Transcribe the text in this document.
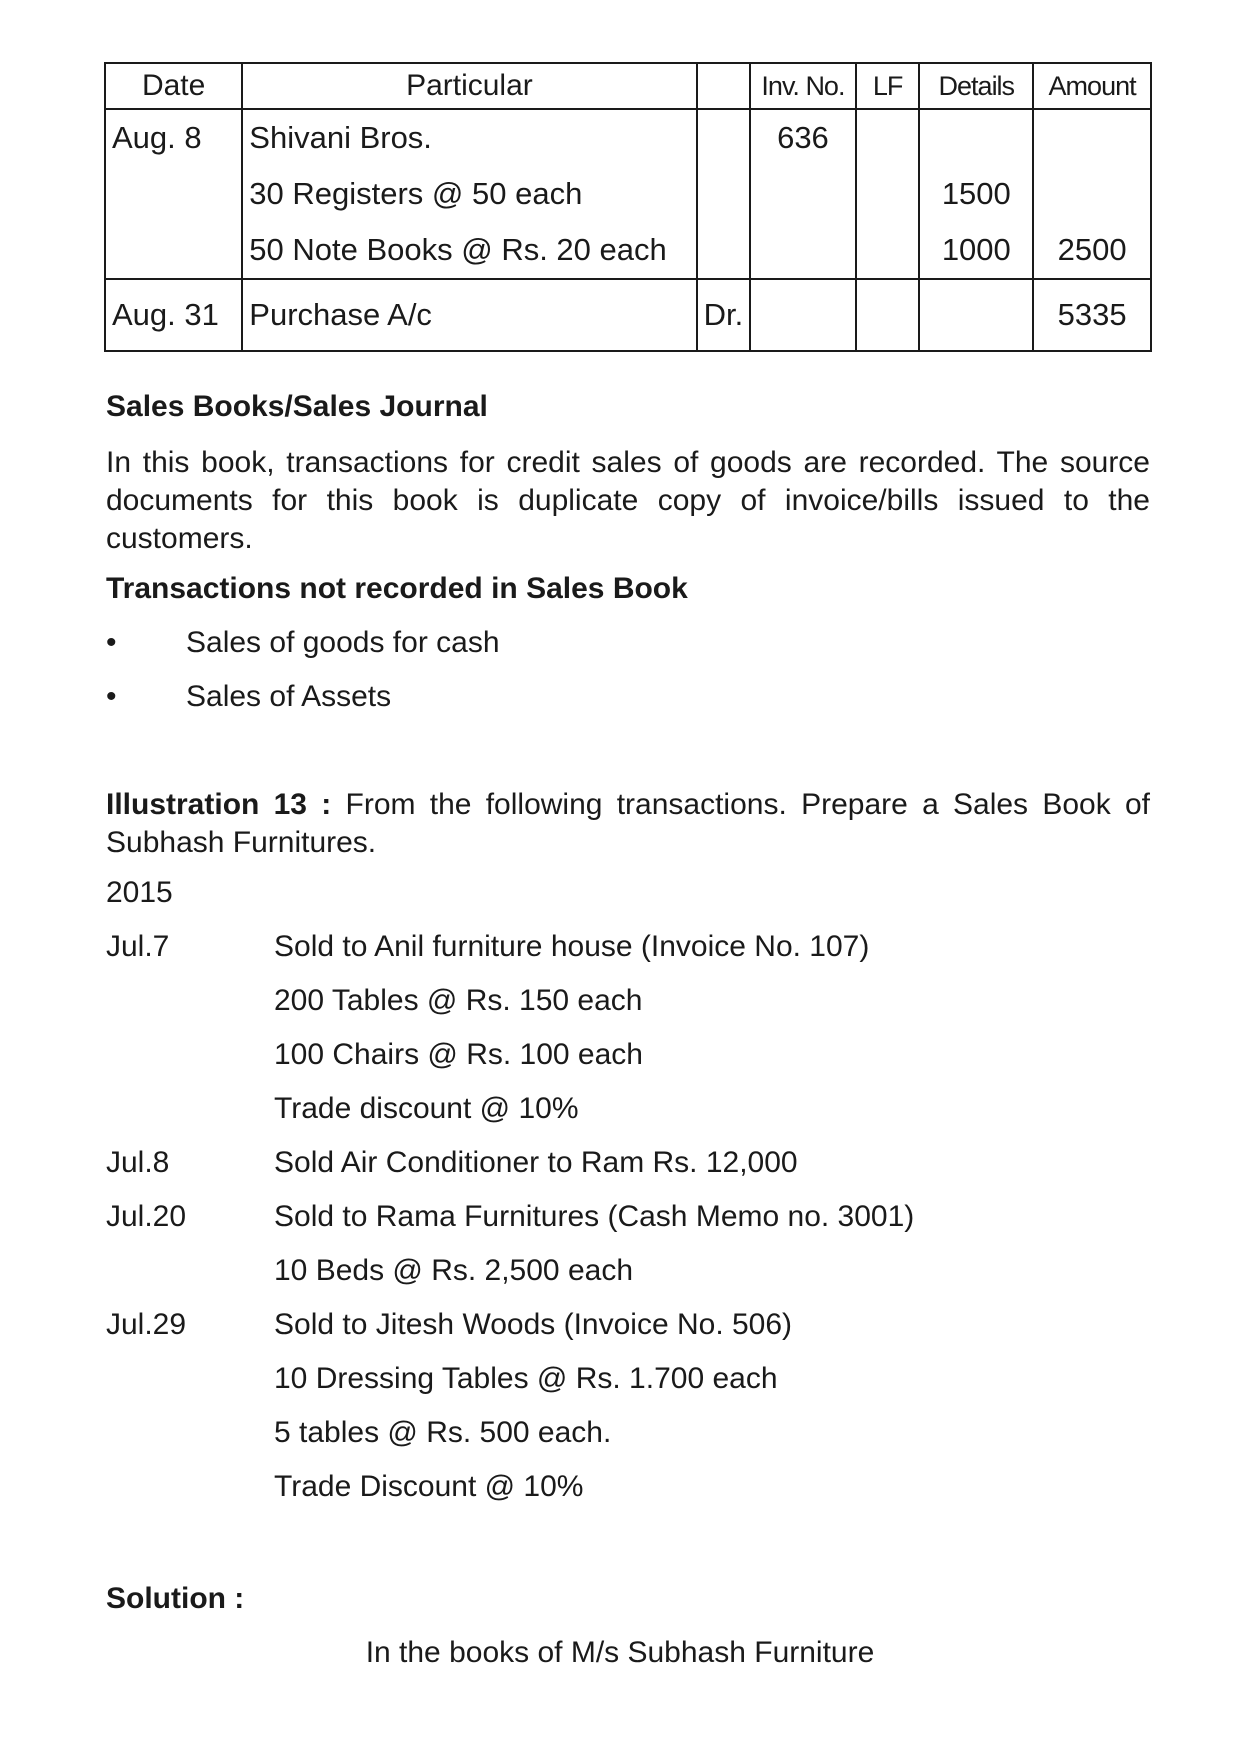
Date	Particular		Inv. No.	LF	Details	Amount
Aug. 8	Shivani Bros.		636			
	30 Registers @ 50 each				1500	
	50 Note Books @ Rs. 20 each				1000	2500
Aug. 31	Purchase A/c	Dr.				5335
Sales Books/Sales Journal
In this book, transactions for credit sales of goods are recorded. The source documents for this book is duplicate copy of invoice/bills issued to the customers.
Transactions not recorded in Sales Book
• Sales of goods for cash
• Sales of Assets
Illustration 13 : From the following transactions. Prepare a Sales Book of Subhash Furnitures.
2015
Jul.7	Sold to Anil furniture house (Invoice No. 107)
200 Tables @ Rs. 150 each
100 Chairs @ Rs. 100 each
Trade discount @ 10%
Jul.8	Sold Air Conditioner to Ram Rs. 12,000
Jul.20	Sold to Rama Furnitures (Cash Memo no. 3001)
10 Beds @ Rs. 2,500 each
Jul.29	Sold to Jitesh Woods (Invoice No. 506)
10 Dressing Tables @ Rs. 1.700 each
5 tables @ Rs. 500 each.
Trade Discount @ 10%
Solution :
In the books of M/s Subhash Furniture
